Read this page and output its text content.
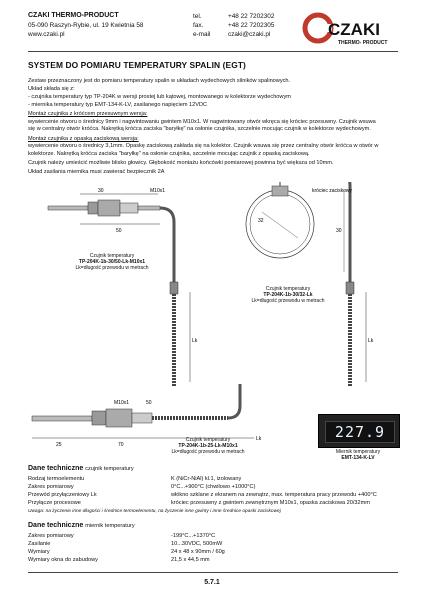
CZAKI THERMO-PRODUCT
05-090 Raszyn-Rybie, ul. 19 Kwietnia 58
www.czaki.pl
tel.	+48 22 7202302
fax.	+48 22 7202305
e-mail	czaki@czaki.pl	CZAKI
THERMO- PRODUCT
SYSTEM DO POMIARU TEMPERATURY SPALIN (EGT)
Zestaw przeznaczony jest do pomiaru temperatury spalin w układach wydechowych silników spalinowych.
Układ składa się z:
- czujnika temperatury typ TP-204K w wersji prostej lub kątowej, montowanego w kolektorze wydechowym
- miernika temperatury typ EMT-134-K-LV, zasilanego napięciem 12VDC
Montaż czujnika z króćcem przesuwnym wersja:
wywiercenie otworu o średnicy 9mm i nagwintowaniu gwintem M10x1. W nagwintowany otwór wkręca się króciec przesuwny. Czujnik wsuwa
się w centralny otwór króćca. Nakrętką króćca zaciska "baryłkę" na osłonie czujnika, szczelnie mocując czujnik w kolektorze wydechowym.
Montaż czujnika z opaską zaciskową wersja:
wywiercenie otworu o średnicy 3,1mm. Opaskę zaciskową zakłada się na kolektor. Czujnik wsuwa się przez centralny otwór króćca w otwór w
kolektorze. Nakrętką króćca zaciska "baryłkę" na osłonie czujnika, szczelnie mocując czujnik z opaską zaciskową.
Czujnik należy umieścić możliwie blisko głowicy. Głębokość montażu końcówki pomiarowej powinna być większa od 10mm.
Układ zasilania miernika musi zawierać bezpiecznik 2A
30	M10x1
50
Lk
Czujnik temperatury
TP-204K-1b-30/50-Lk-M10x1
Lk=długość przewodu w metrach
króciec zaciskowy
32
30
Lk
Czujnik temperatury
TP-204K-1b-30/32-Lk
Lk=długość przewodu w metrach
25	70
M10x1	50
Lk
Czujnik temperatury
TP-204K-1b-25-Lk-M10x1
Lk=długość przewodu w metrach
227.9
Miernik temperatury
EMT-134-K-LV
Dane techniczne czujnik temperatury
Rodzaj termoelementu	K (NiCr-NiAl) kl.1, izolowany
Zakres pomiarowy	0°C...+900°C (chwilowo +1000°C)
Przewód przyłączeniowy Lk	włókno szklane z ekranem na zewnątrz, max. temperatura pracy przewodu +400°C
Przyłącze procesowe	króciec przesuwny z gwintem zewnętrznym M10x1, opaska zaciskowa 20/32mm
Uwaga: na życzenie inne długości i średnice termoelementu, na życzenie inne gwinty i inne średnice opaski zaciskowej
Dane techniczne miernik temperatury
Zakres pomiarowy	-199°C...+1370°C
Zasilanie	10...30VDC, 500mW
Wymiary	24 x 48 x 90mm / 60g
Wymiary okna do zabudowy	21,5 x 44,5 mm
5.7.1
